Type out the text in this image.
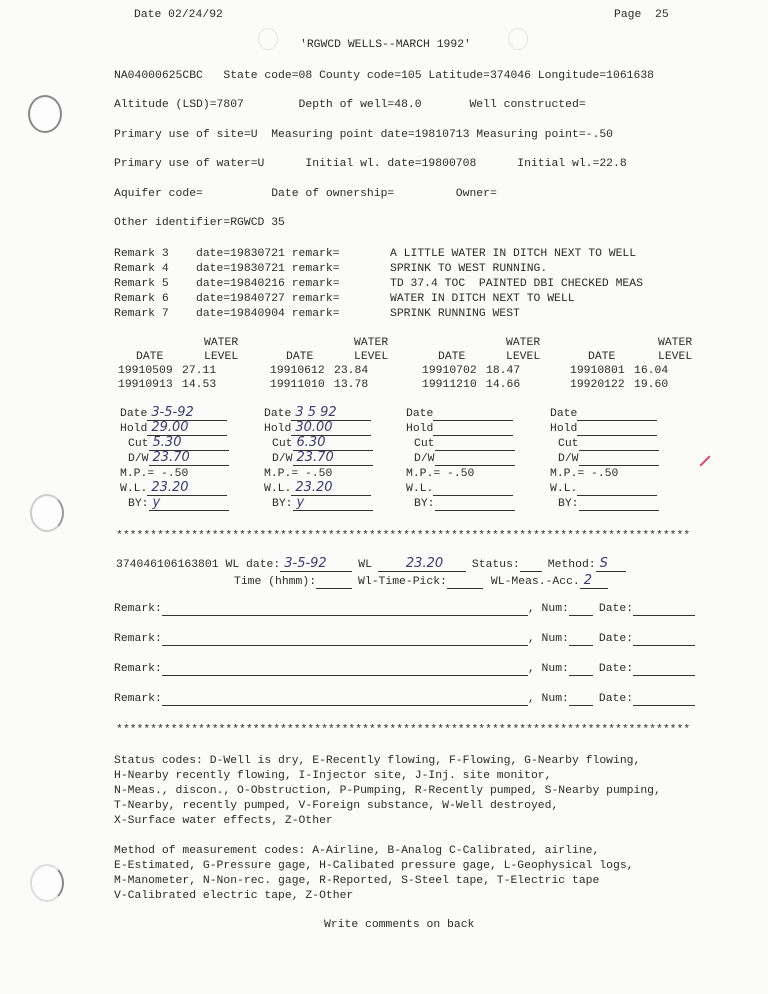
Date 02/24/92	Page  25
'RGWCD WELLS--MARCH 1992'
NA04000625CBC   State code=08 County code=105 Latitude=374046 Longitude=1061638
Altitude (LSD)=7807        Depth of well=48.0       Well constructed=
Primary use of site=U  Measuring point date=19810713 Measuring point=-.50
Primary use of water=U      Initial wl. date=19800708      Initial wl.=22.8
Aquifer code=          Date of ownership=         Owner=
Other identifier=RGWCD 35
Remark 3 date=19830721 remark=	A LITTLE WATER IN DITCH NEXT TO WELL
Remark 4 date=19830721 remark=	SPRINK TO WEST RUNNING.
Remark 5 date=19840216 remark=	TD 37.4 TOC  PAINTED DBI CHECKED MEAS
Remark 6 date=19840727 remark=	WATER IN DITCH NEXT TO WELL
Remark 7 date=19840904 remark=	SPRINK RUNNING WEST
WATER	WATER	WATER	WATER
DATE	LEVEL	DATE	LEVEL	DATE	LEVEL	DATE	LEVEL
19910509 27.11	19910612 23.84	19910702 18.47	19910801 16.04
19910913 14.53	19911010 13.78	19911210 14.66	19920122 19.60
Date 3-5-92
Hold 29.00
Cut 5.30
D/W 23.70
M.P.= -.50
W.L. 23.20
BY: y
Date 3 5 92
Hold 30.00
Cut 6.30
D/W 23.70
M.P.= -.50
W.L. 23.20
BY: y
Date
Hold
Cut
D/W
M.P.= -.50
W.L.
BY:
Date
Hold
Cut
D/W
M.P.= -.50
W.L.
BY:
************************************************************************************
374046106163801 WL date: 3-5-92	WL	23 .20	Status: Method: S
Time (hhmm):	Wl-Time-Pick:	WL-Meas.-Acc. 2
Remark:	, Num:	Date:
Remark:	, Num:	Date:
Remark:	, Num:	Date:
Remark:	, Num:	Date:
************************************************************************************
Status codes: D-Well is dry, E-Recently flowing, F-Flowing, G-Nearby flowing,
H-Nearby recently flowing, I-Injector site, J-Inj. site monitor,
N-Meas., discon., O-Obstruction, P-Pumping, R-Recently pumped, S-Nearby pumping,
T-Nearby, recently pumped, V-Foreign substance, W-Well destroyed,
X-Surface water effects, Z-Other
Method of measurement codes: A-Airline, B-Analog C-Calibrated, airline,
E-Estimated, G-Pressure gage, H-Calibated pressure gage, L-Geophysical logs,
M-Manometer, N-Non-rec. gage, R-Reported, S-Steel tape, T-Electric tape
V-Calibrated electric tape, Z-Other
Write comments on back
